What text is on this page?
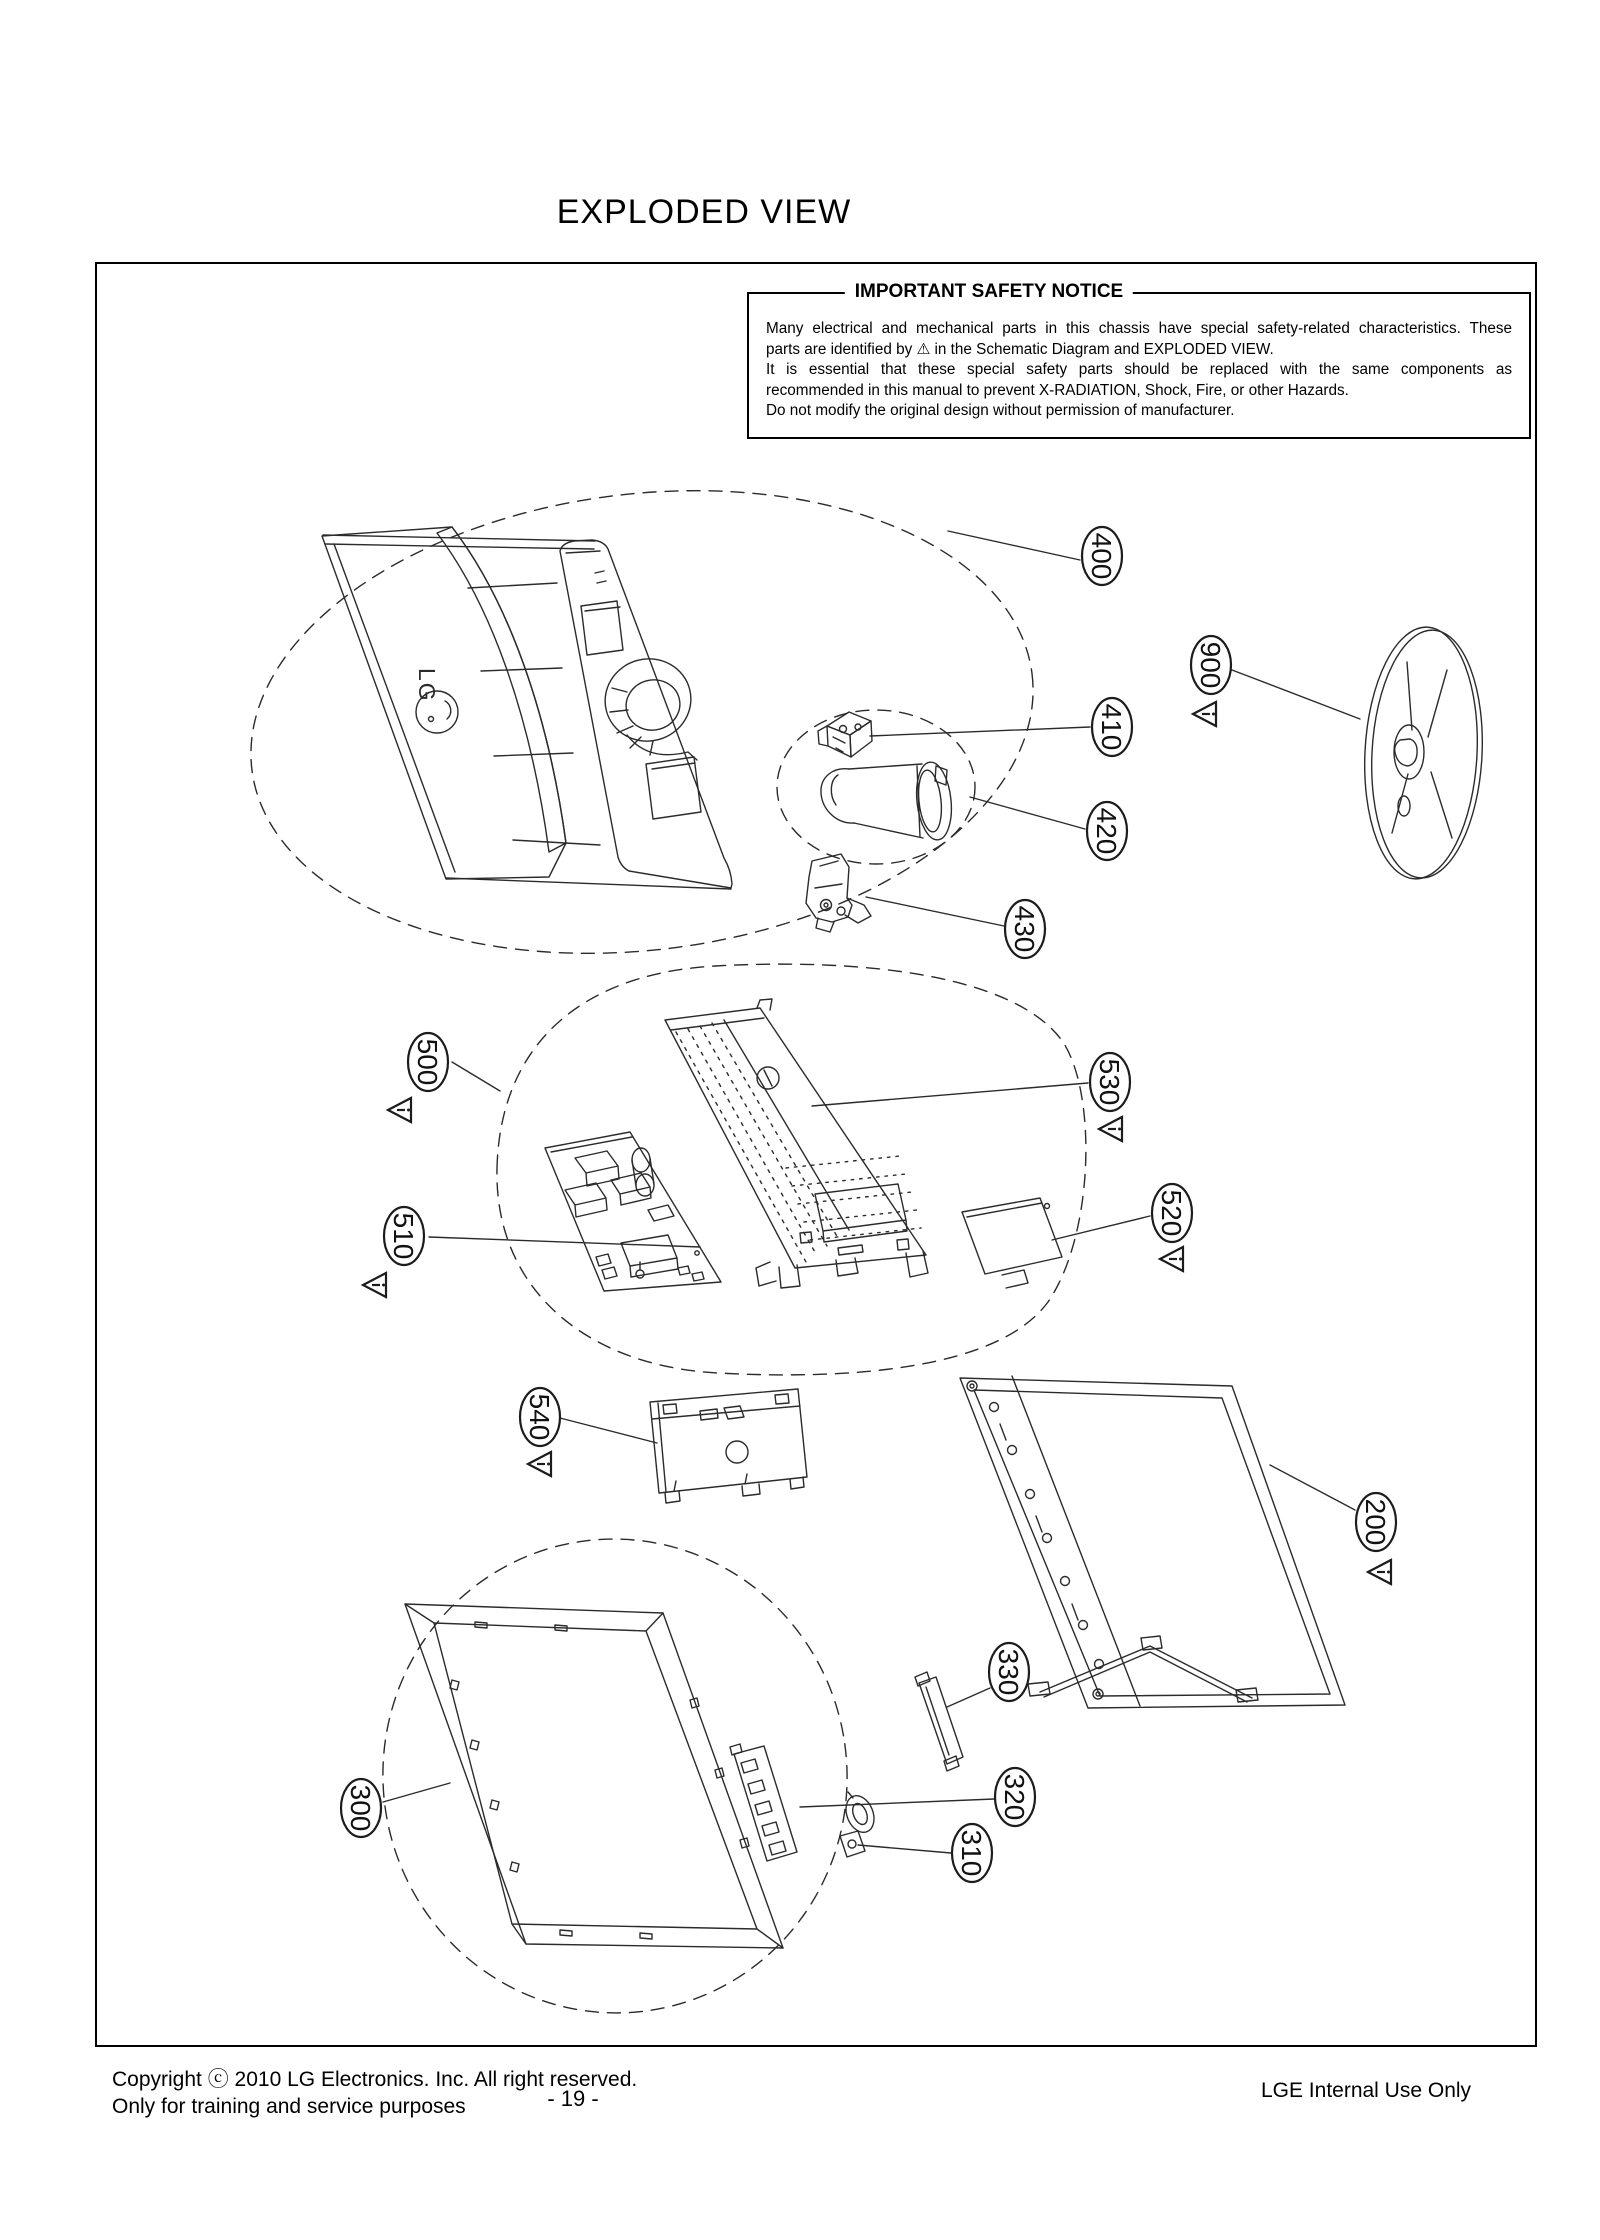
EXPLODED VIEW
IMPORTANT SAFETY NOTICE
Many electrical and mechanical parts in this chassis have special safety-related characteristics. These
parts are identified by ⚠ in the Schematic Diagram and EXPLODED VIEW.
It is essential that these special safety parts should be replaced with the same components as
recommended in this manual to prevent X-RADIATION, Shock, Fire, or other Hazards.
Do not modify the original design without permission of manufacturer.
LG
400
410
420
430
900
500
510
530
520
540
200
330
320
310
300
Copyright ⓒ 2010 LG Electronics. Inc. All right reserved.
Only for training and service purposes	- 19 -	LGE Internal Use Only
